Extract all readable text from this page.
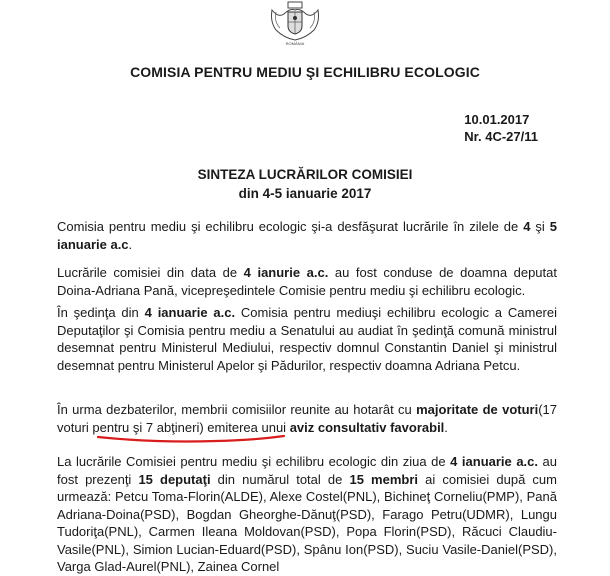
ROMÂNIA
COMISIA PENTRU MEDIU ŞI ECHILIBRU ECOLOGIC
10.01.2017
Nr. 4C-27/11
SINTEZA LUCRĂRILOR COMISIEI
din 4-5 ianuarie 2017

Comisia pentru mediu şi echilibru ecologic şi-a desfăşurat lucrările în zilele de 4 şi 5 ianuarie a.c.

Lucrările comisiei din data de 4 ianurie a.c. au fost conduse de doamna deputat Doina-Adriana Pană, vicepreşedintele Comisie pentru mediu şi echilibru ecologic.

În şedinţa din 4 ianuarie a.c. Comisia pentru mediuşi echilibru ecologic a Camerei Deputaţilor şi Comisia pentru mediu a Senatului au audiat în şedinţă comună ministrul desemnat pentru Ministerul Mediului, respectiv domnul Constantin Daniel şi ministrul desemnat pentru Ministerul Apelor şi Pădurilor, respectiv doamna Adriana Petcu.

În urma dezbaterilor, membrii comisiilor reunite au hotarât cu majoritate de voturi(17 voturi pentru şi 7 abţineri) emiterea unui aviz consultativ favorabil.

La lucrările Comisiei pentru mediu şi echilibru ecologic din ziua de 4 ianuarie a.c. au fost prezenţi 15 deputaţi din numărul total de 15 membri ai comisiei după cum urmează: Petcu Toma-Florin(ALDE), Alexe Costel(PNL), Bichineţ Corneliu(PMP), Pană Adriana-Doina(PSD), Bogdan Gheorghe-Dănuţ(PSD), Farago Petru(UDMR), Lungu Tudoriţa(PNL), Carmen Ileana Moldovan(PSD), Popa Florin(PSD), Răcuci Claudiu-Vasile(PNL), Simion Lucian-Eduard(PSD), Spânu Ion(PSD), Suciu Vasile-Daniel(PSD), Varga Glad-Aurel(PNL), Zainea Cornel
